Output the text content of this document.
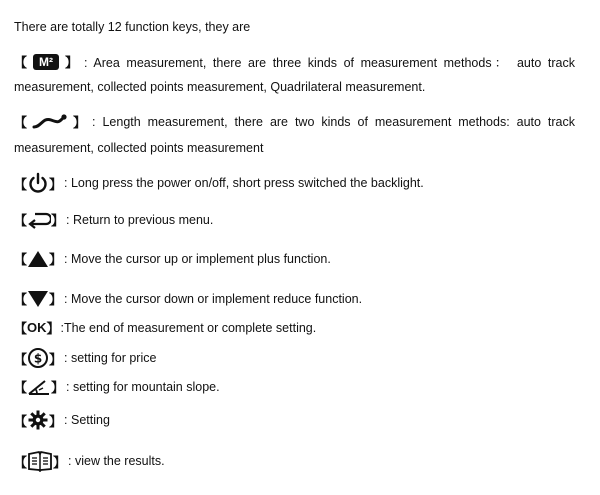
There are totally 12 function keys, they are
【	M² 】 : Area measurement, there are three kinds of measurement methods： auto track
measurement, collected points measurement, Quadrilateral measurement.
【	】 : Length measurement, there are two kinds of measurement methods: auto track
measurement, collected points measurement
【 】 : Long press the power on/off, short press switched the backlight.
【 】 : Return to previous menu.
【 】 : Move the cursor up or implement plus function.
【 】 : Move the cursor down or implement reduce function.
【 OK 】 :The end of measurement or complete setting.
【 $ 】 : setting for price
【 】 : setting for mountain slope.
【 】 : Setting
【 】 : view the results.
